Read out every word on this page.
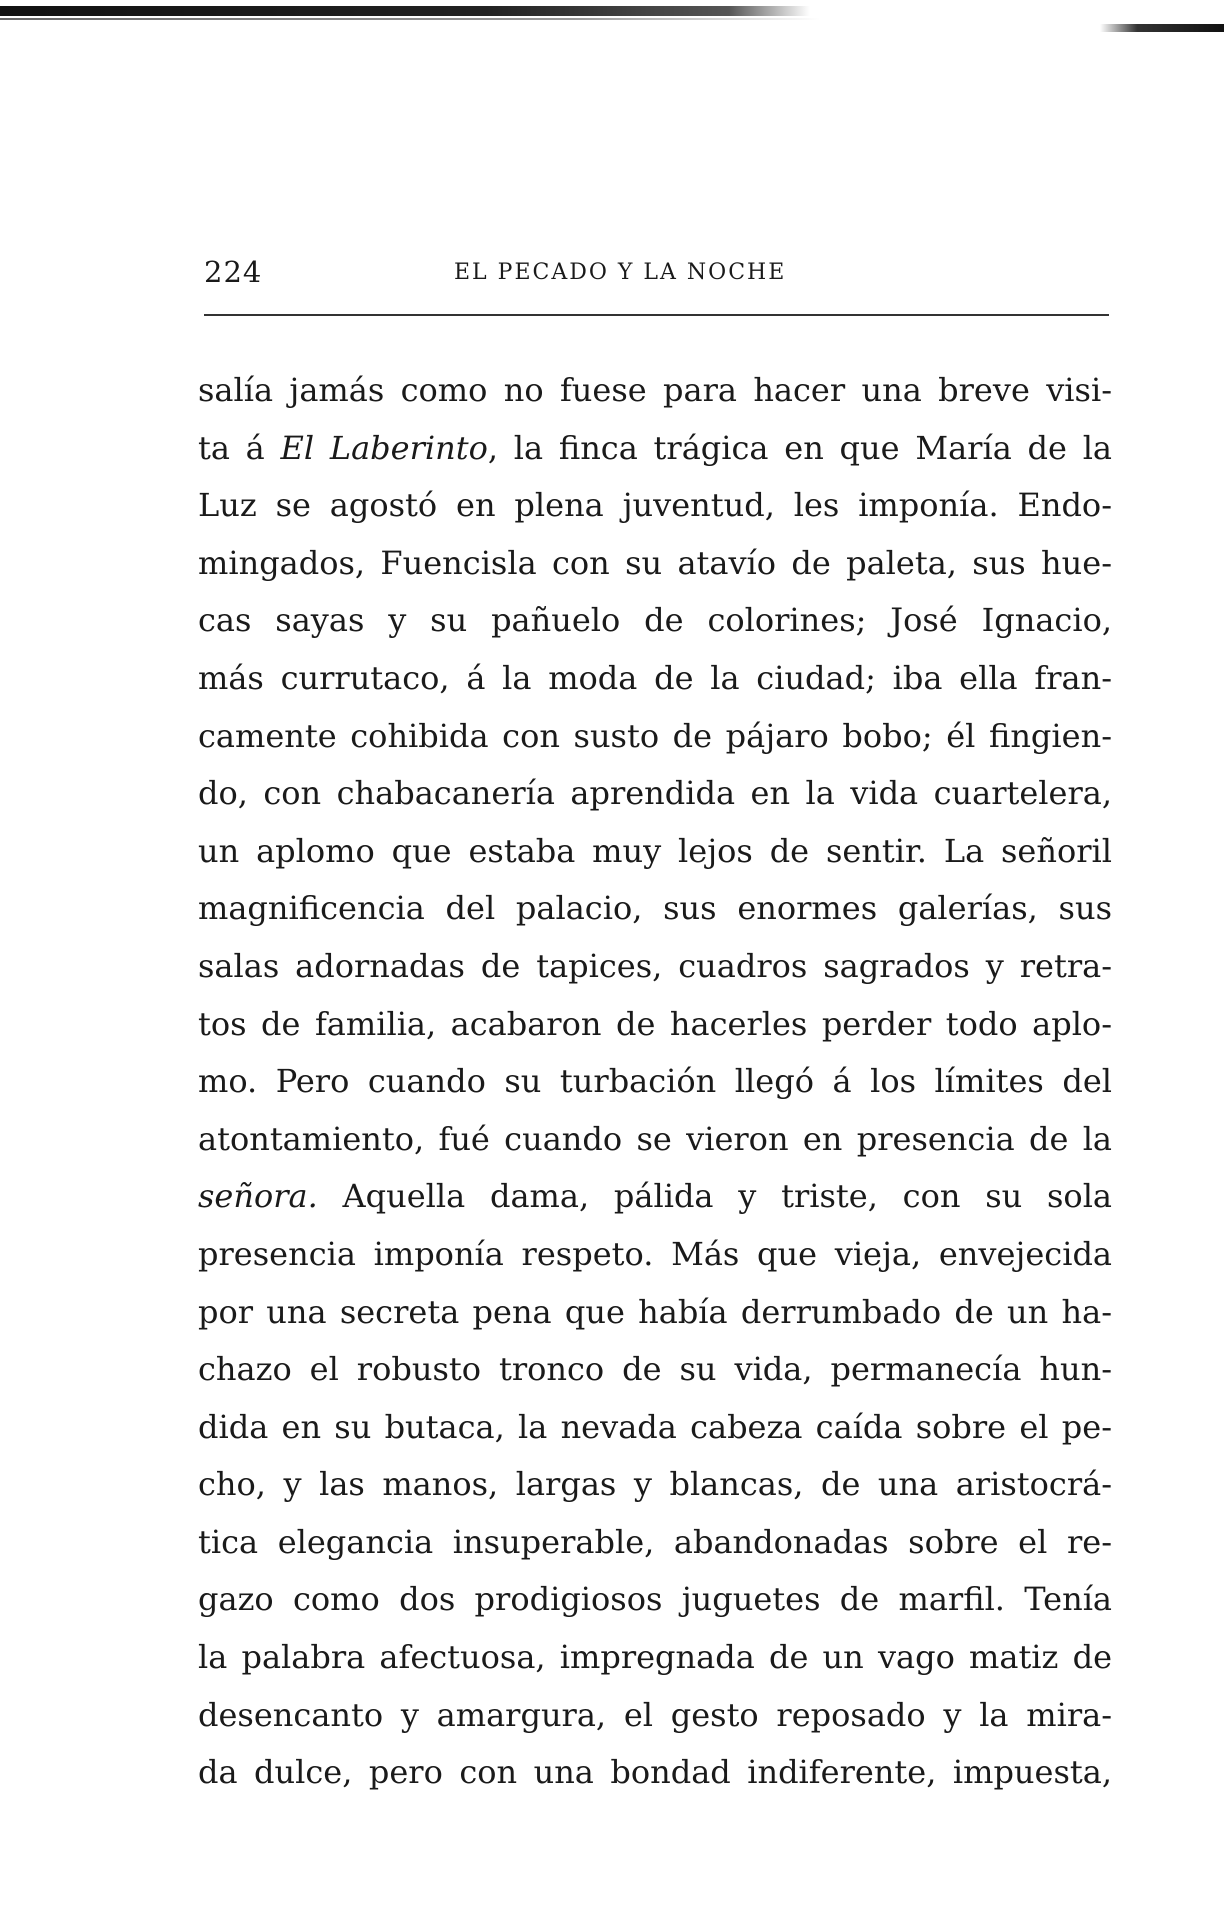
224	EL PECADO Y LA NOCHE
salía jamás como no fuese para hacer una breve visi-
ta á El Laberinto, la finca trágica en que María de la
Luz se agostó en plena juventud, les imponía. Endo-
mingados, Fuencisla con su atavío de paleta, sus hue-
cas sayas y su pañuelo de colorines; José Ignacio,
más currutaco, á la moda de la ciudad; iba ella fran-
camente cohibida con susto de pájaro bobo; él fingien-
do, con chabacanería aprendida en la vida cuartelera,
un aplomo que estaba muy lejos de sentir. La señoril
magnificencia del palacio, sus enormes galerías, sus
salas adornadas de tapices, cuadros sagrados y retra-
tos de familia, acabaron de hacerles perder todo aplo-
mo. Pero cuando su turbación llegó á los límites del
atontamiento, fué cuando se vieron en presencia de la
señora. Aquella dama, pálida y triste, con su sola
presencia imponía respeto. Más que vieja, envejecida
por una secreta pena que había derrumbado de un ha-
chazo el robusto tronco de su vida, permanecía hun-
dida en su butaca, la nevada cabeza caída sobre el pe-
cho, y las manos, largas y blancas, de una aristocrá-
tica elegancia insuperable, abandonadas sobre el re-
gazo como dos prodigiosos juguetes de marfil. Tenía
la palabra afectuosa, impregnada de un vago matiz de
desencanto y amargura, el gesto reposado y la mira-
da dulce, pero con una bondad indiferente, impuesta,
